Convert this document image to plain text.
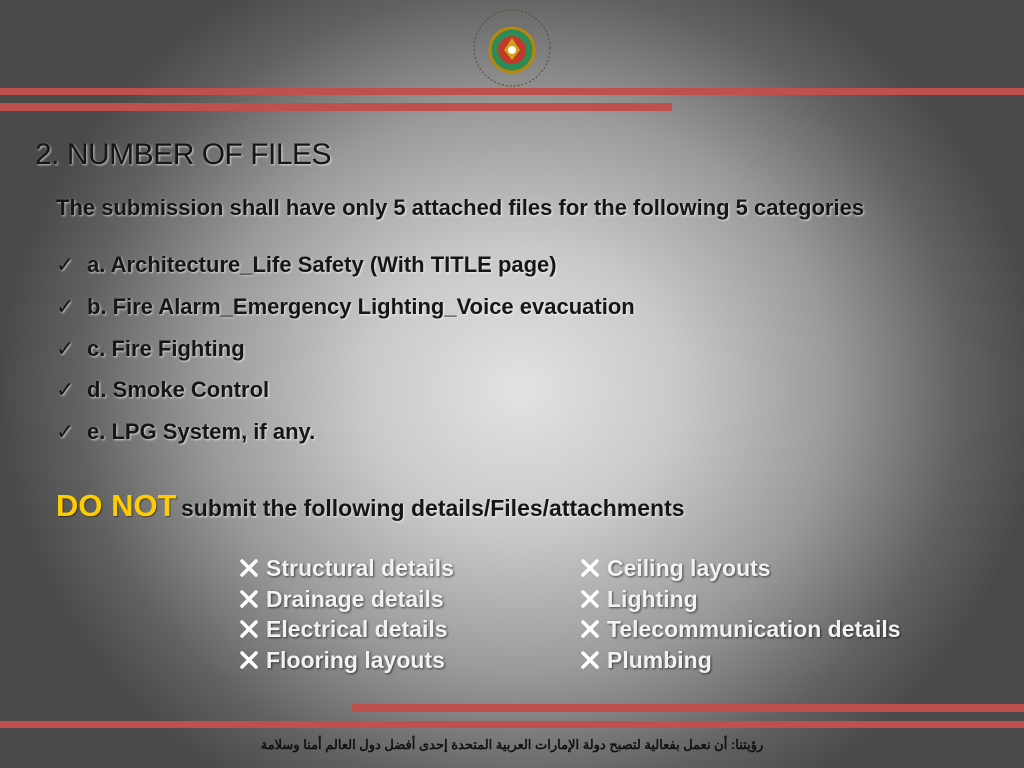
2. NUMBER OF FILES
The submission shall have only 5 attached files for the following 5 categories
✓ a. Architecture_Life Safety (With TITLE page)
✓ b. Fire Alarm_Emergency Lighting_Voice evacuation
✓ c. Fire Fighting
✓ d. Smoke Control
✓ e. LPG System, if any.
DO NOT submit the following details/Files/attachments
Structural details
Drainage details
Electrical details
Flooring layouts
Ceiling layouts
Lighting
Telecommunication details
Plumbing
رؤيتنا: أن نعمل بفعالية لتصبح دولة الإمارات العربية المتحدة إحدى أفضل دول العالم أمنا وسلامة
